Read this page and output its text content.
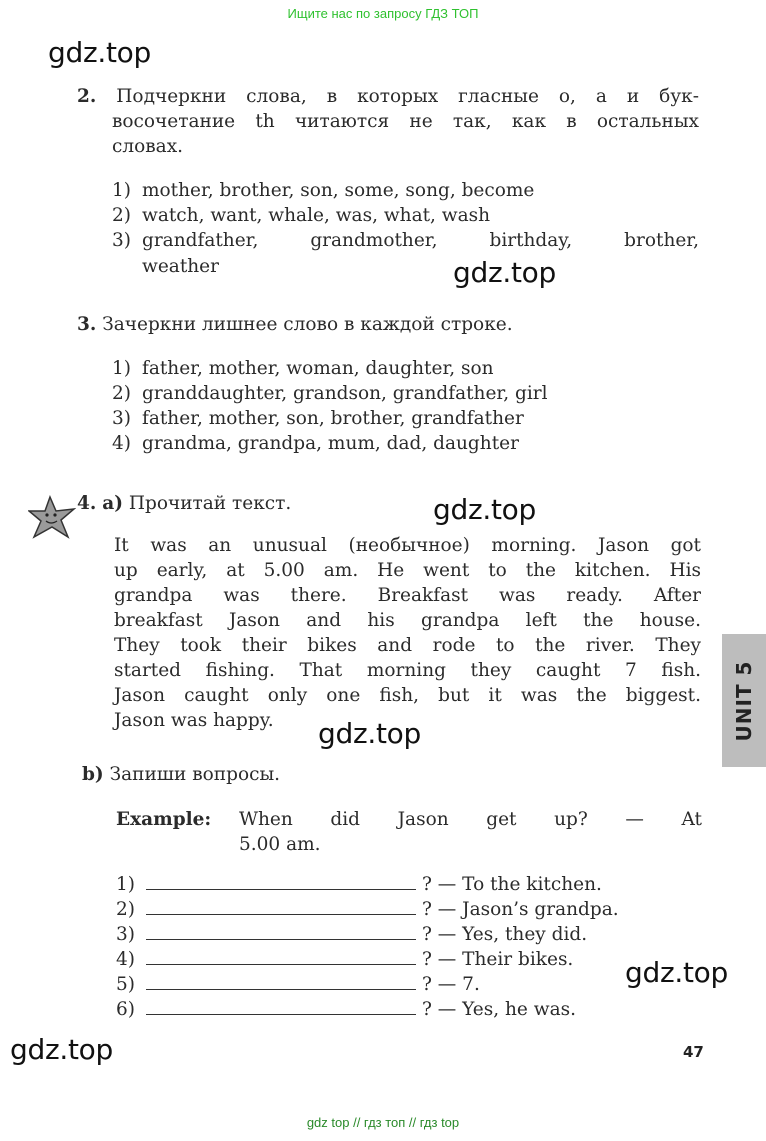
Ищите нас по запросу ГДЗ ТОП
gdz top // гдз топ // гдз top
gdz.top
gdz.top
gdz.top
gdz.top
gdz.top
gdz.top
2. Подчеркни слова, в которых гласные о, а и бук-
восочетание th читаются не так, как в остальных
словах.
1) mother, brother, son, some, song, become
2) watch, want, whale, was, what, wash
3) grandfather, grandmother, birthday, brother,
weather
3. Зачеркни лишнее слово в каждой строке.
1) father, mother, woman, daughter, son
2) granddaughter, grandson, grandfather, girl
3) father, mother, son, brother, grandfather
4) grandma, grandpa, mum, dad, daughter
4. a) Прочитай текст.
It was an unusual (необычное) morning. Jason got
up early, at 5.00 am. He went to the kitchen. His
grandpa was there. Breakfast was ready. After
breakfast Jason and his grandpa left the house.
They took their bikes and rode to the river. They
started fishing. That morning they caught 7 fish.
Jason caught only one fish, but it was the biggest.
Jason was happy.
b) Запиши вопросы.
Example: When did Jason get up? — At
5.00 am.
1)	? — To the kitchen.
2)	? — Jason’s grandpa.
3)	? — Yes, they did.
4)	? — Their bikes.
5)	? — 7.
6)	? — Yes, he was.
UNIT 5
47
